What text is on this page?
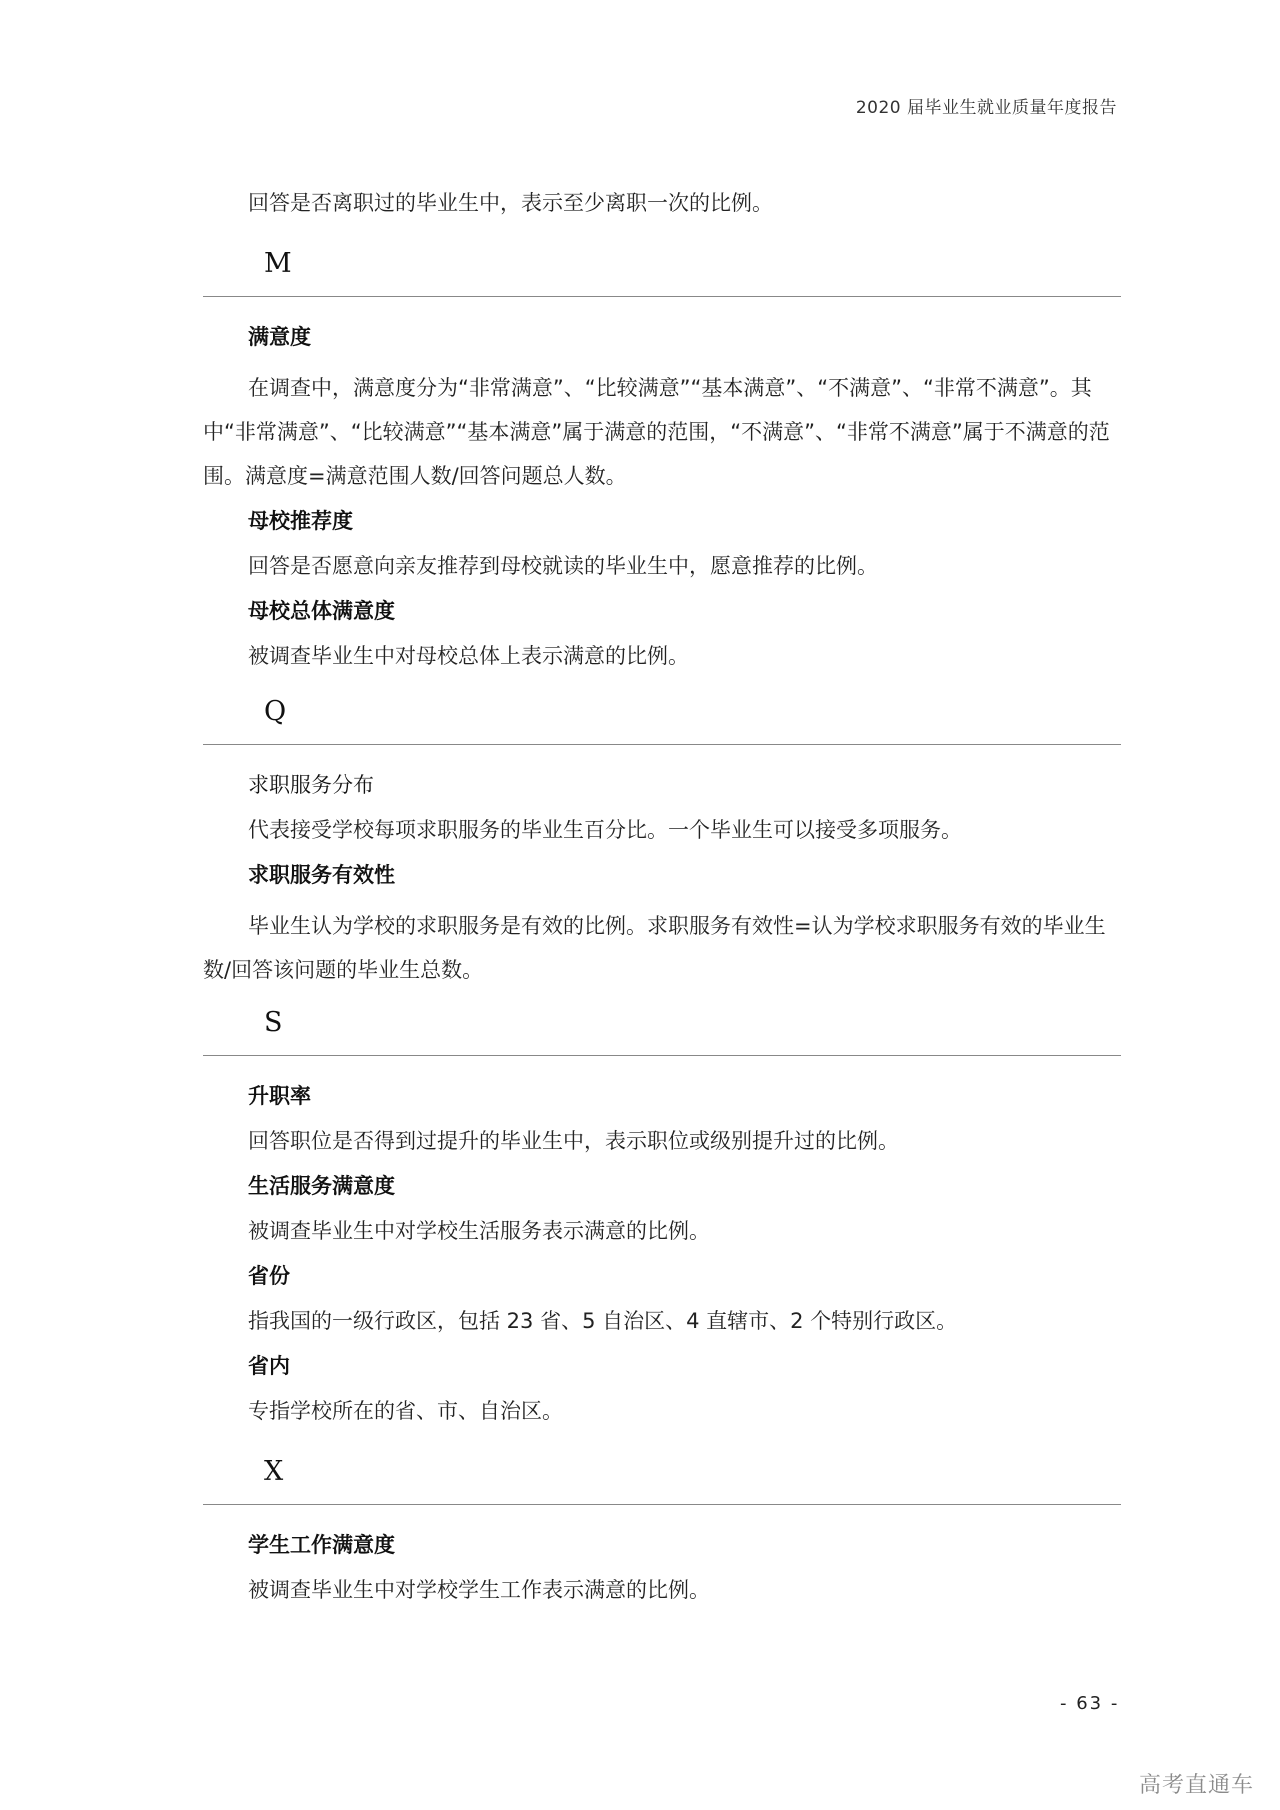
2020 届毕业生就业质量年度报告

回答是否离职过的毕业生中，表示至少离职一次的比例。

M
满意度

在调查中，满意度分为“非常满意”、“比较满意”“基本满意”、“不满意”、“非常不满意”。其中“非常满意”、“比较满意”“基本满意”属于满意的范围，“不满意”、“非常不满意”属于不满意的范围。满意度=满意范围人数/回答问题总人数。

母校推荐度

回答是否愿意向亲友推荐到母校就读的毕业生中，愿意推荐的比例。

母校总体满意度

被调查毕业生中对母校总体上表示满意的比例。

Q
求职服务分布

代表接受学校每项求职服务的毕业生百分比。一个毕业生可以接受多项服务。

求职服务有效性

毕业生认为学校的求职服务是有效的比例。求职服务有效性=认为学校求职服务有效的毕业生数/回答该问题的毕业生总数。

S
升职率

回答职位是否得到过提升的毕业生中，表示职位或级别提升过的比例。

生活服务满意度

被调查毕业生中对学校生活服务表示满意的比例。

省份

指我国的一级行政区，包括 23 省、5 自治区、4 直辖市、2 个特别行政区。

省内

专指学校所在的省、市、自治区。

X
学生工作满意度

被调查毕业生中对学校学生工作表示满意的比例。

- 63 -
高考直通车
